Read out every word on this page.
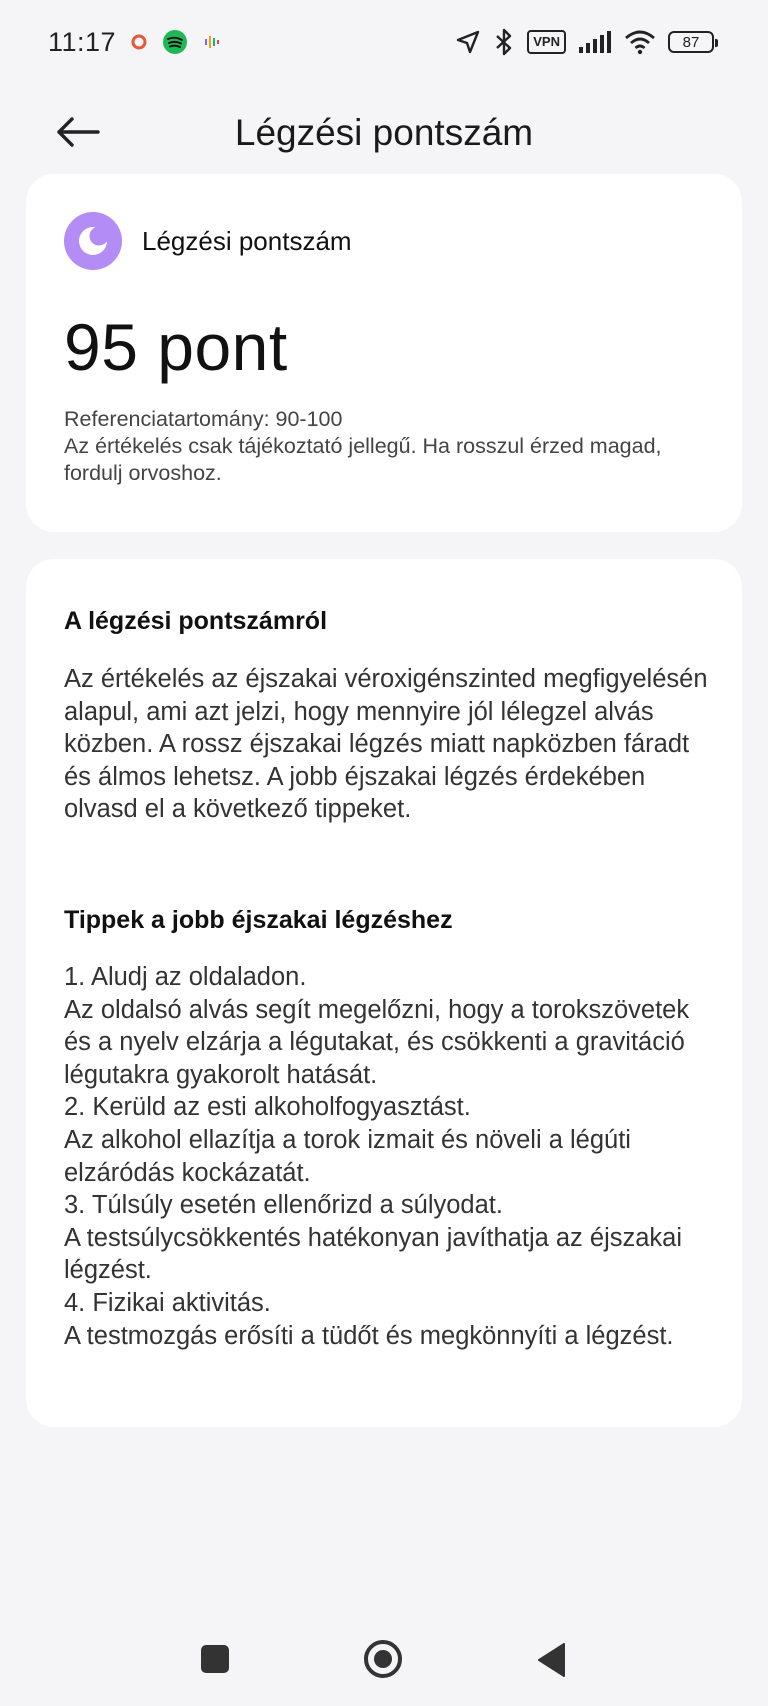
11:17	VPN	87
Légzési pontszám
Légzési pontszám
95 pont
Referenciatartomány: 90-100
Az értékelés csak tájékoztató jellegű. Ha rosszul érzed magad, fordulj orvoshoz.
A légzési pontszámról
Az értékelés az éjszakai véroxigénszinted megfigyelésén alapul, ami azt jelzi, hogy mennyire jól lélegzel alvás közben. A rossz éjszakai légzés miatt napközben fáradt és álmos lehetsz. A jobb éjszakai légzés érdekében olvasd el a következő tippeket.
Tippek a jobb éjszakai légzéshez
1. Aludj az oldaladon.
Az oldalsó alvás segít megelőzni, hogy a torokszövetek és a nyelv elzárja a légutakat, és csökkenti a gravitáció légutakra gyakorolt hatását.
2. Kerüld az esti alkoholfogyasztást.
Az alkohol ellazítja a torok izmait és növeli a légúti elzáródás kockázatát.
3. Túlsúly esetén ellenőrizd a súlyodat.
A testsúlycsökkentés hatékonyan javíthatja az éjszakai légzést.
4. Fizikai aktivitás.
A testmozgás erősíti a tüdőt és megkönnyíti a légzést.
